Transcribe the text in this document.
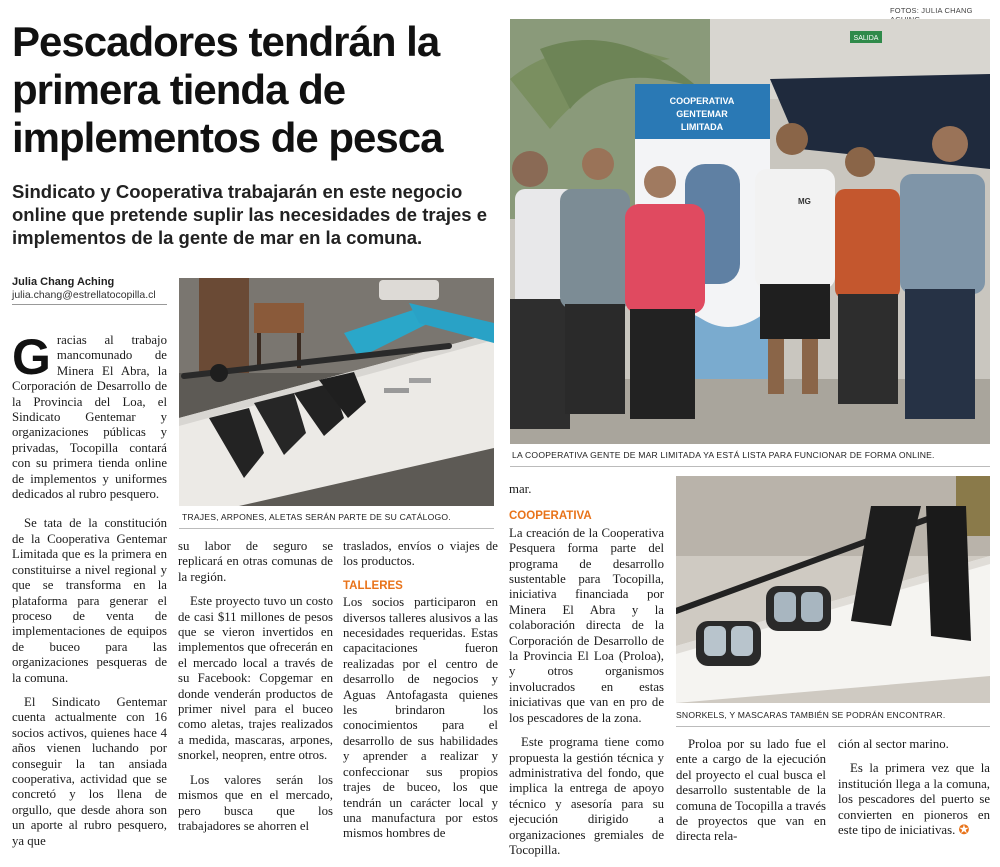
FOTOS: JULIA CHANG
Pescadores tendrán la primera tienda de implementos de pesca
Sindicato y Cooperativa trabajarán en este negocio online que pretende suplir las necesidades de trajes e implementos de la gente de mar en la comuna.
Julia Chang Aching
julia.chang@estrellatocopilla.cl

Gracias al trabajo mancomunado de Minera El Abra, la Corporación de Desarrollo de la Provincia del Loa, el Sindicato Gentemar y organizaciones públicas y privadas, Tocopilla contará con su primera tienda online de implementos y uniformes dedicados al rubro pesquero.

Se tata de la constitución de la Cooperativa Gentemar Limitada que es la primera en constituirse a nivel regional y que se transforma en la plataforma para generar el proceso de venta de implementaciones de equipos de buceo para las organizaciones pesqueras de la comuna.

El Sindicato Gentemar cuenta actualmente con 16 socios activos, quienes hace 4 años vienen luchando por conseguir la tan ansiada cooperativa, actividad que se concretó y los llena de orgullo, que desde ahora son un aporte al rubro pesquero, ya que

su labor de seguro se replicará en otras comunas de la región.

Este proyecto tuvo un costo de casi $11 millones de pesos que se vieron invertidos en implementos que ofrecerán en el mercado local a través de su Facebook: Copgemar en donde venderán productos de primer nivel para el buceo como aletas, trajes realizados a medida, mascaras, arpones, snorkel, neopren, entre otros.

Los valores serán los mismos que en el mercado, pero busca que los trabajadores se ahorren el

traslados, envíos o viajes de los productos.

TALLERES

Los socios participaron en diversos talleres alusivos a las necesidades requeridas. Estas capacitaciones fueron realizadas por el centro de desarrollo de negocios y Aguas Antofagasta quienes les brindaron los conocimientos para el desarrollo de sus habilidades y aprender a realizar y confeccionar sus propios trajes de buceo, los que tendrán un carácter local y una manufactura por estos mismos hombres de

mar.

COOPERATIVA

La creación de la Cooperativa Pesquera forma parte del programa de desarrollo sustentable para Tocopilla, iniciativa financiada por Minera El Abra y la colaboración directa de la Corporación de Desarrollo de la Provincia El Loa (Proloa), y otros organismos involucrados en estas iniciativas que van en pro de los pescadores de la zona.

Este programa tiene como propuesta la gestión técnica y administrativa del fondo, que implica la entrega de apoyo técnico y asesoría para su ejecución dirigido a organizaciones gremiales de Tocopilla.

Proloa por su lado fue el ente a cargo de la ejecución del proyecto el cual busca el desarrollo sustentable de la comuna de Tocopilla a través de proyectos que van en directa rela-

ción al sector marino.

Es la primera vez que la institución llega a la comuna, los pescadores del puerto se convierten en pioneros en este tipo de iniciativas. ✪

TRAJES, ARPONES, ALETAS SERÁN PARTE DE SU CATÁLOGO.
SALIDA
COOPERATIVA
GENTEMAR
LIMITADA
MG
LA COOPERATIVA GENTE DE MAR LIMITADA YA ESTÁ LISTA PARA FUNCIONAR DE FORMA ONLINE.
SNORKELS, Y MASCARAS TAMBIÉN SE PODRÁN ENCONTRAR.
